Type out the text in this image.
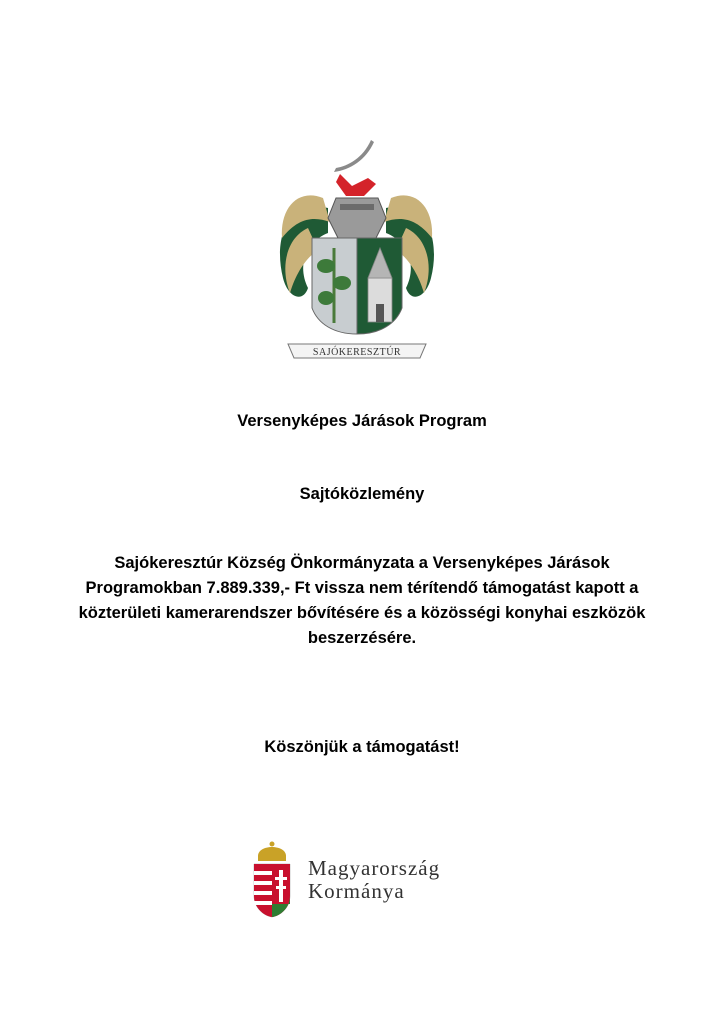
SAJÓKERESZTÚR
Versenyképes Járások Program
Sajtóközlemény
Sajókeresztúr Község Önkormányzata a Versenyképes Járások Programokban 7.889.339,- Ft vissza nem térítendő támogatást kapott a közterületi kamerarendszer bővítésére és a közösségi konyhai eszközök beszerzésére.
Köszönjük a támogatást!
Magyarország
Kormánya
